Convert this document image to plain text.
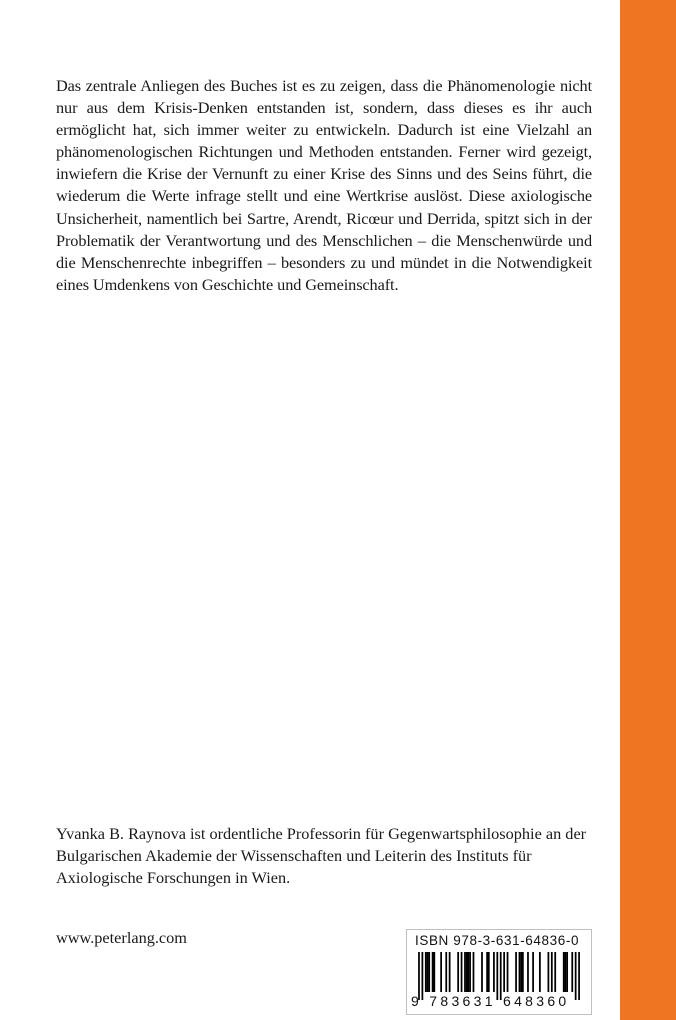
Das zentrale Anliegen des Buches ist es zu zeigen, dass die Phänomenologie nicht nur aus dem Krisis-Denken entstanden ist, sondern, dass dieses es ihr auch ermöglicht hat, sich immer weiter zu entwickeln. Dadurch ist eine Vielzahl an phänomenologischen Richtungen und Methoden entstanden. Ferner wird gezeigt, inwiefern die Krise der Vernunft zu einer Krise des Sinns und des Seins führt, die wiederum die Werte infrage stellt und eine Wertkrise auslöst. Diese axiologische Unsicherheit, namentlich bei Sartre, Arendt, Ricœur und Derrida, spitzt sich in der Problematik der Verantwortung und des Menschlichen – die Menschenwürde und die Menschenrechte inbegriffen – besonders zu und mündet in die Notwendigkeit eines Umdenkens von Geschichte und Gemeinschaft.

Yvanka B. Raynova ist ordentliche Professorin für Gegenwartsphilosophie an der Bulgarischen Akademie der Wissenschaften und Leiterin des Instituts für Axiologische Forschungen in Wien.

www.peterlang.com	ISBN 978-3-631-64836-0
9 783631 648360
